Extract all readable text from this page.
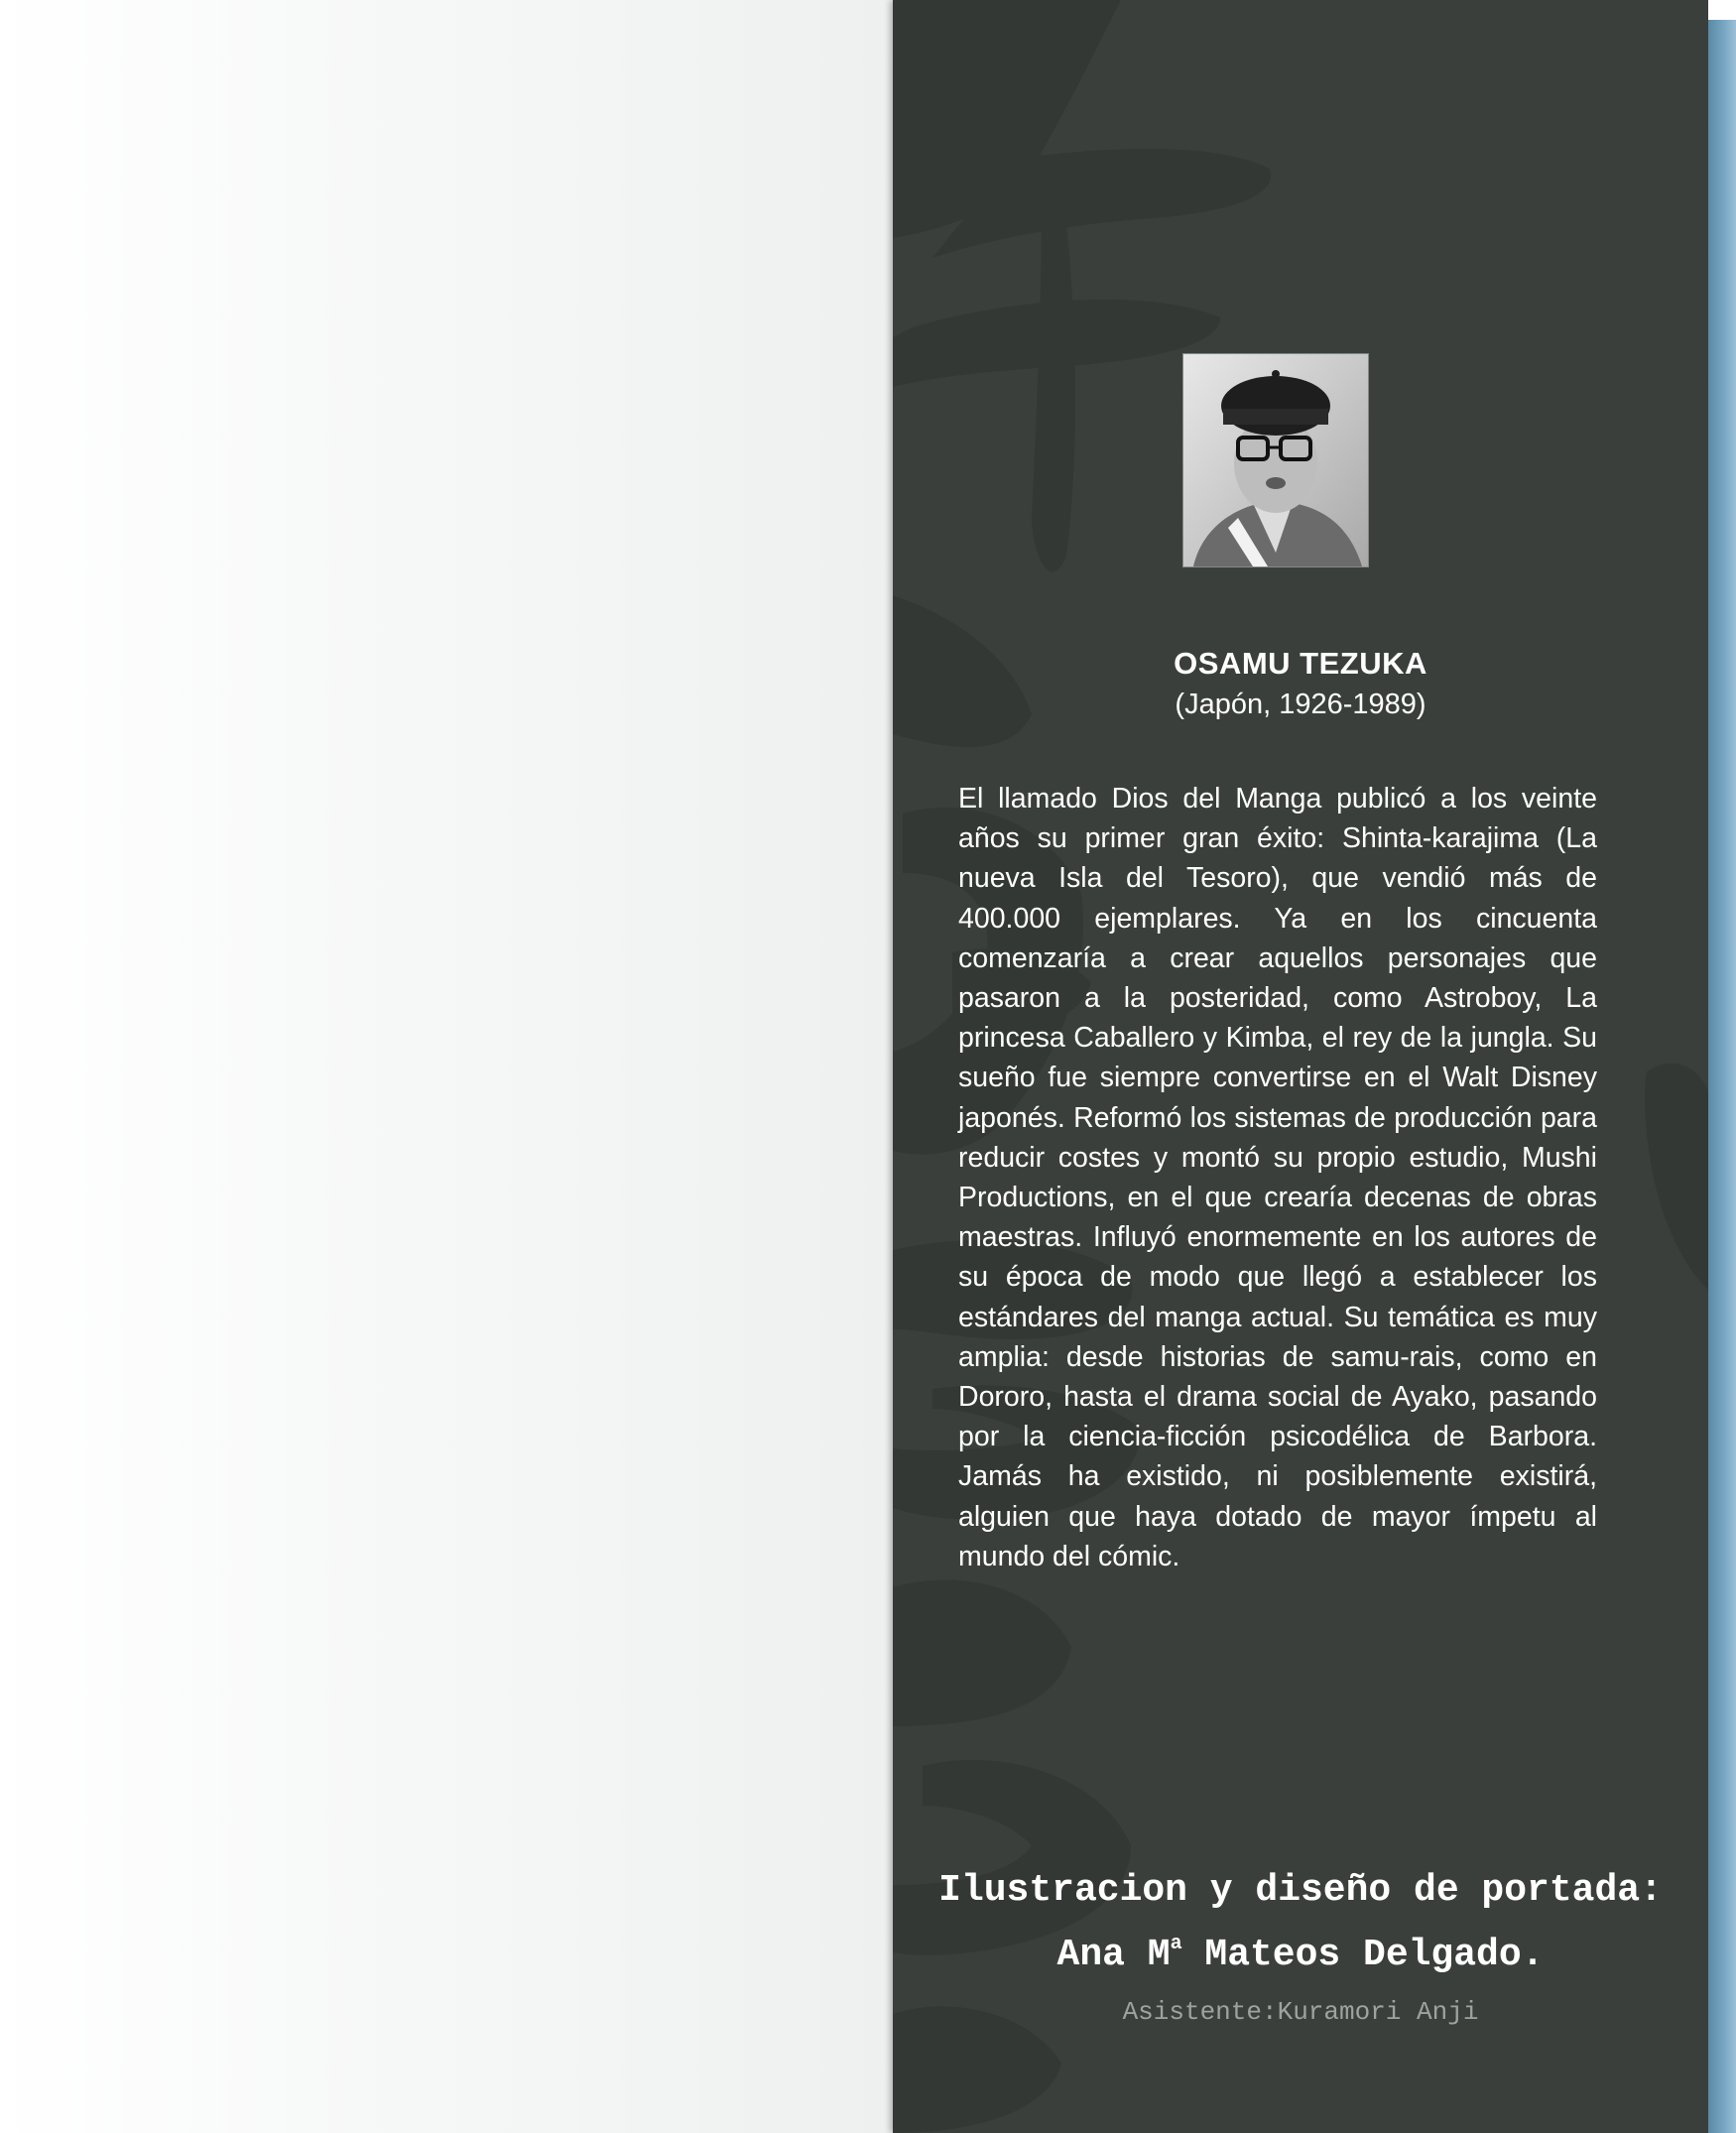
OSAMU TEZUKA
(Japón, 1926-1989)
El llamado Dios del Manga publicó a los veinte años su primer gran éxito: Shinta-karajima (La nueva Isla del Tesoro), que vendió más de 400.000 ejemplares. Ya en los cincuenta comenzaría a crear aquellos personajes que pasaron a la posteridad, como Astroboy, La princesa Caballero y Kimba, el rey de la jungla. Su sueño fue siempre convertirse en el Walt Disney japonés. Reformó los sistemas de producción para reducir costes y montó su propio estudio, Mushi Productions, en el que crearía decenas de obras maestras. Influyó enormemente en los autores de su época de modo que llegó a establecer los estándares del manga actual. Su temática es muy amplia: desde historias de samu-rais, como en Dororo, hasta el drama social de Ayako, pasando por la ciencia-ficción psicodélica de Barbora. Jamás ha existido, ni posiblemente existirá, alguien que haya dotado de mayor ímpetu al mundo del cómic.
Ilustracion y diseño de portada:
Ana $M^a$ Mateos Delgado.
Asistente:Kuramori Anji
